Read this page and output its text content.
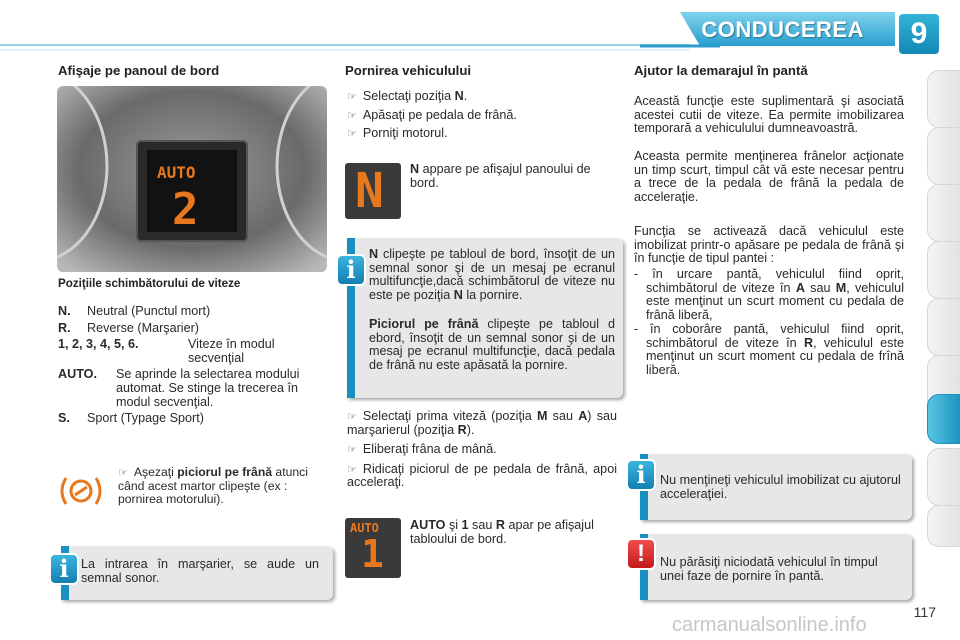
CONDUCEREA	9
Afişaje pe panoul de bord
AUTO
2
Poziţiile schimbătorului de viteze
N.	Neutral (Punctul mort)
R.	Reverse (Marşarier)
1, 2, 3, 4, 5, 6.	Viteze în modul secvenţial
AUTO.	Se aprinde la selectarea modului automat. Se stinge la trecerea în modul secvenţial.
S.	Sport (Typage Sport)
☞ Aşezaţi piciorul pe frână atunci când acest martor clipeşte (ex : pornirea motorului).
La intrarea în marşarier, se aude un semnal sonor.
i
Pornirea vehiculului
☞ Selectaţi poziţia N.
☞ Apăsaţi pe pedala de frână.
☞ Porniţi motorul.
N N appare pe afişajul panoului de bord.
N clipeşte pe tabloul de bord, însoţit de un semnal sonor şi de un mesaj pe ecranul multifuncţie,dacă schimbătorul de viteze nu este pe poziţia N la pornire.
Piciorul pe frână clipeşte pe tabloul d ebord, însoţit de un semnal sonor şi de un mesaj pe ecranul multifuncţie, dacă pedala de frână nu este apăsată la pornire.
i
☞ Selectaţi prima viteză (poziţia M sau A) sau marşarierul (poziţia R).
☞ Eliberaţi frâna de mână.
☞ Ridicaţi piciorul de pe pedala de frână, apoi acceleraţi.
AUTO
1
AUTO şi 1 sau R apar pe afişajul tabloului de bord.
Ajutor la demarajul în pantă
Această funcţie este suplimentară şi asociată acestei cutii de viteze. Ea permite imobilizarea temporară a vehiculului dumneavoastră.
Aceasta permite menţinerea frânelor acţionate un timp scurt, timpul cât vă este necesar pentru a trece de la pedala de frână la pedala de acceleraţie.
Funcţia se activează dacă vehiculul este imobilizat printr-o apăsare pe pedala de frână şi în funcţie de tipul pantei :
- în urcare pantă, vehiculul fiind oprit, schimbătorul de viteze în A sau M, vehiculul este menţinut un scurt moment cu pedala de frână liberă,
- în coborâre pantă, vehiculul fiind oprit, schimbătorul de viteze în R, vehiculul este menţinut un scurt moment cu pedala de frînă liberă.
Nu menţineţi vehiculul imobilizat cu ajutorul acceleraţiei.
i
Nu părăsiţi niciodată vehiculul în timpul unei faze de pornire în pantă.
!
117
carmanualsonline.info
